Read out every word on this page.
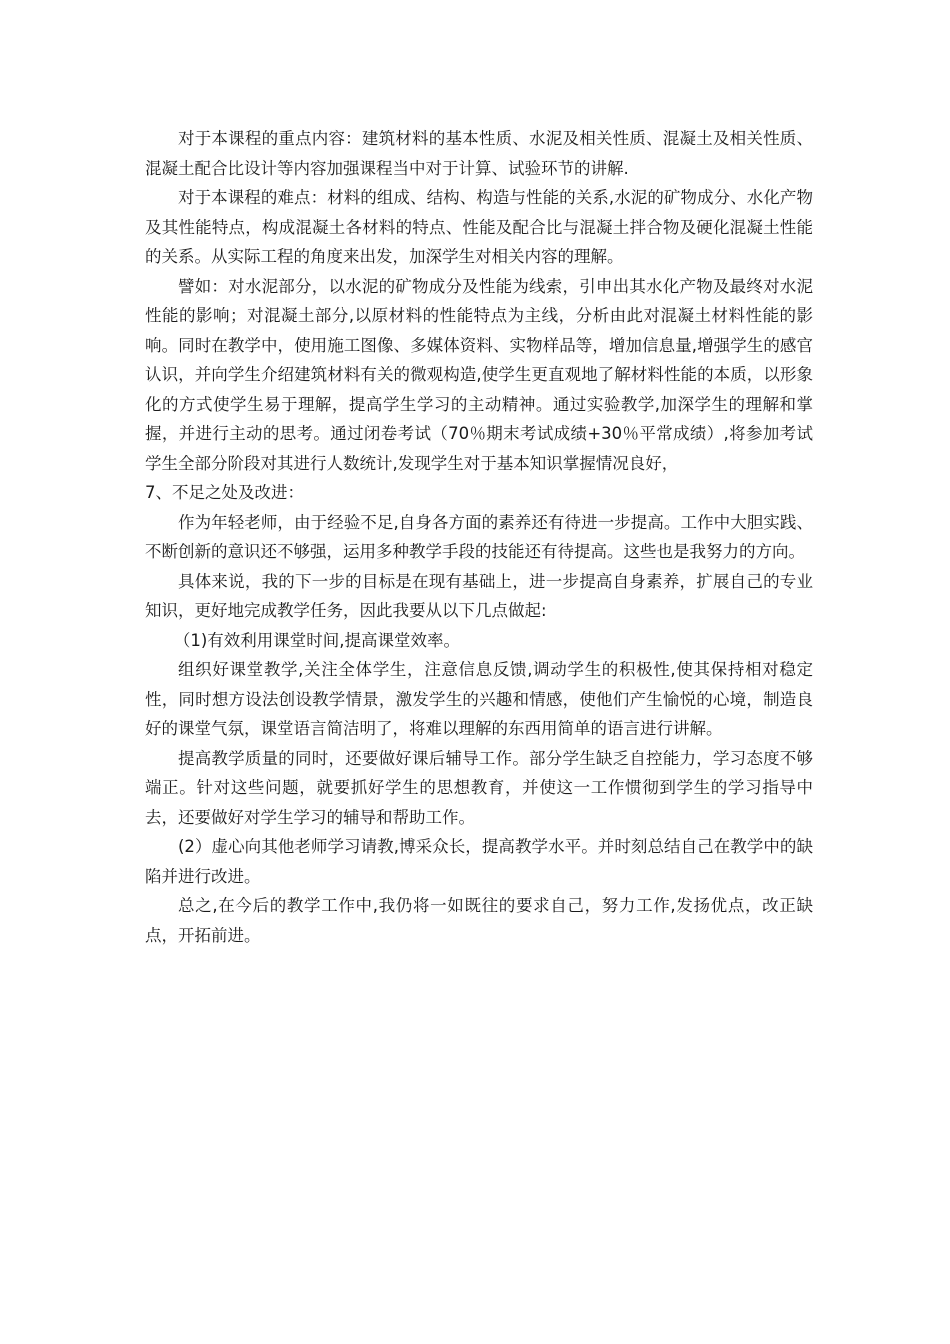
对于本课程的重点内容：建筑材料的基本性质、水泥及相关性质、混凝土及相关性质、混凝土配合比设计等内容加强课程当中对于计算、试验环节的讲解.

对于本课程的难点：材料的组成、结构、构造与性能的关系,水泥的矿物成分、水化产物及其性能特点，构成混凝土各材料的特点、性能及配合比与混凝土拌合物及硬化混凝土性能的关系。从实际工程的角度来出发，加深学生对相关内容的理解。

譬如：对水泥部分，以水泥的矿物成分及性能为线索，引申出其水化产物及最终对水泥性能的影响；对混凝土部分,以原材料的性能特点为主线，分析由此对混凝土材料性能的影响。同时在教学中，使用施工图像、多媒体资料、实物样品等，增加信息量,增强学生的感官认识，并向学生介绍建筑材料有关的微观构造,使学生更直观地了解材料性能的本质，以形象化的方式使学生易于理解，提高学生学习的主动精神。通过实验教学,加深学生的理解和掌握，并进行主动的思考。通过闭卷考试（70％期末考试成绩+30％平常成绩）,将参加考试学生全部分阶段对其进行人数统计,发现学生对于基本知识掌握情况良好，

7、不足之处及改进：

作为年轻老师，由于经验不足,自身各方面的素养还有待进一步提高。工作中大胆实践、不断创新的意识还不够强，运用多种教学手段的技能还有待提高。这些也是我努力的方向。

具体来说，我的下一步的目标是在现有基础上，进一步提高自身素养，扩展自己的专业知识，更好地完成教学任务，因此我要从以下几点做起:

（1)有效利用课堂时间,提高课堂效率。

组织好课堂教学,关注全体学生，注意信息反馈,调动学生的积极性,使其保持相对稳定性，同时想方设法创设教学情景，激发学生的兴趣和情感，使他们产生愉悦的心境，制造良好的课堂气氛，课堂语言简洁明了，将难以理解的东西用简单的语言进行讲解。

提高教学质量的同时，还要做好课后辅导工作。部分学生缺乏自控能力，学习态度不够端正。针对这些问题，就要抓好学生的思想教育，并使这一工作惯彻到学生的学习指导中去，还要做好对学生学习的辅导和帮助工作。

(2）虚心向其他老师学习请教,博采众长，提高教学水平。并时刻总结自己在教学中的缺陷并进行改进。

总之,在今后的教学工作中,我仍将一如既往的要求自己，努力工作,发扬优点，改正缺点，开拓前进。
